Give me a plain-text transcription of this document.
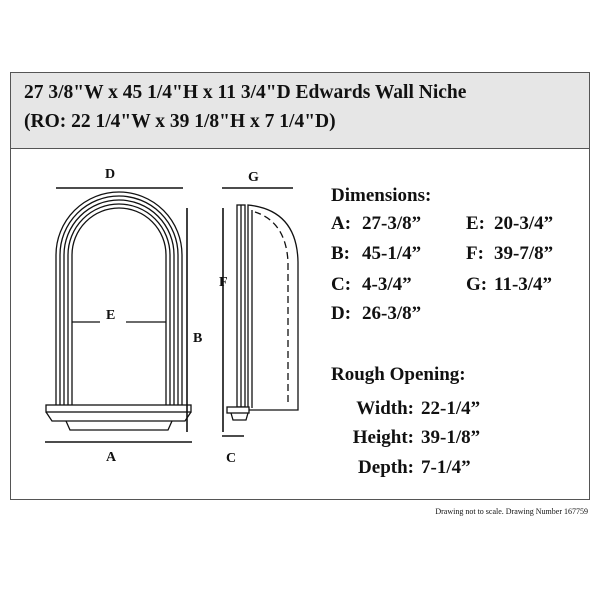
27 3/8"W x 45 1/4"H x 11 3/4"D Edwards Wall Niche
(RO: 22 1/4"W x 39 1/8"H x 7 1/4"D)
D
E
A
B
G
F
C
Dimensions:
A: 27-3/8”
B: 45-1/4”
C: 4-3/4”
D: 26-3/8”
E: 20-3/4”
F: 39-7/8”
G: 11-3/4”
Rough Opening:
Width: 22-1/4”
Height: 39-1/8”
Depth: 7-1/4”
Drawing not to scale. Drawing Number 167759
